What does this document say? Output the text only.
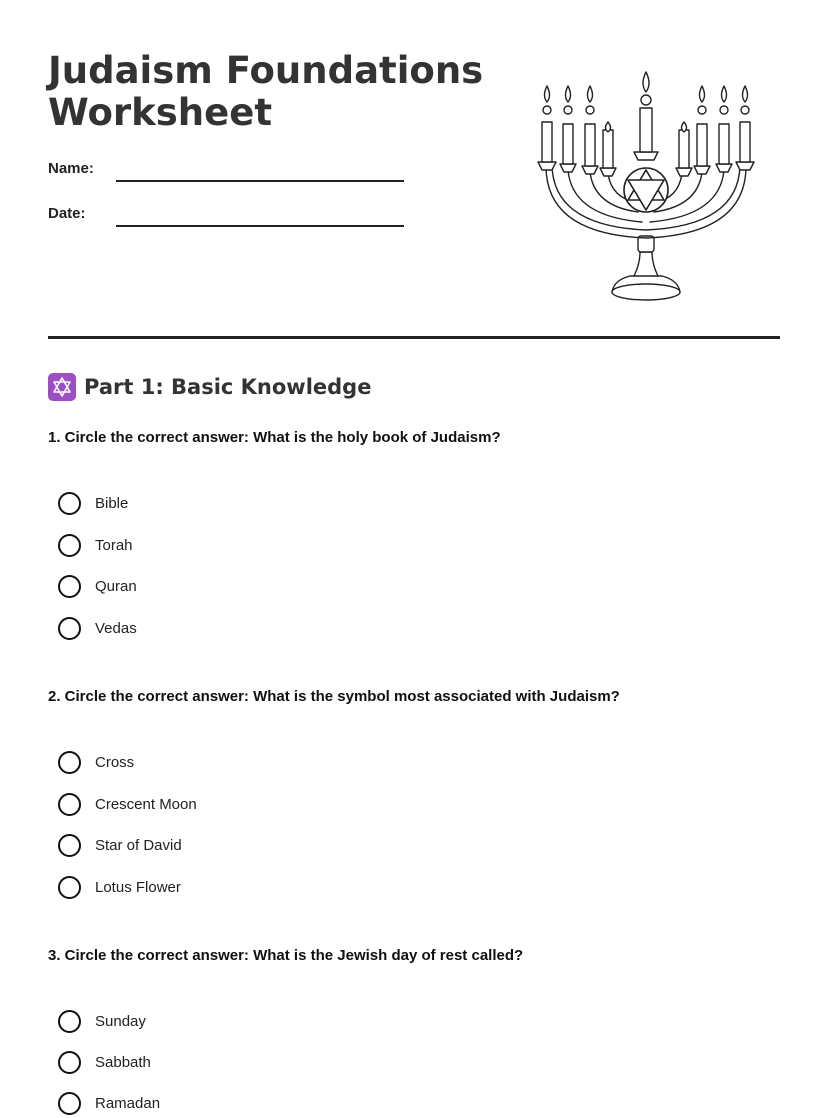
Judaism Foundations
Worksheet
Name:
Date:
Part 1: Basic Knowledge
1. Circle the correct answer: What is the holy book of Judaism?
Bible
Torah
Quran
Vedas
2. Circle the correct answer: What is the symbol most associated with Judaism?
Cross
Crescent Moon
Star of David
Lotus Flower
3. Circle the correct answer: What is the Jewish day of rest called?
Sunday
Sabbath
Ramadan
